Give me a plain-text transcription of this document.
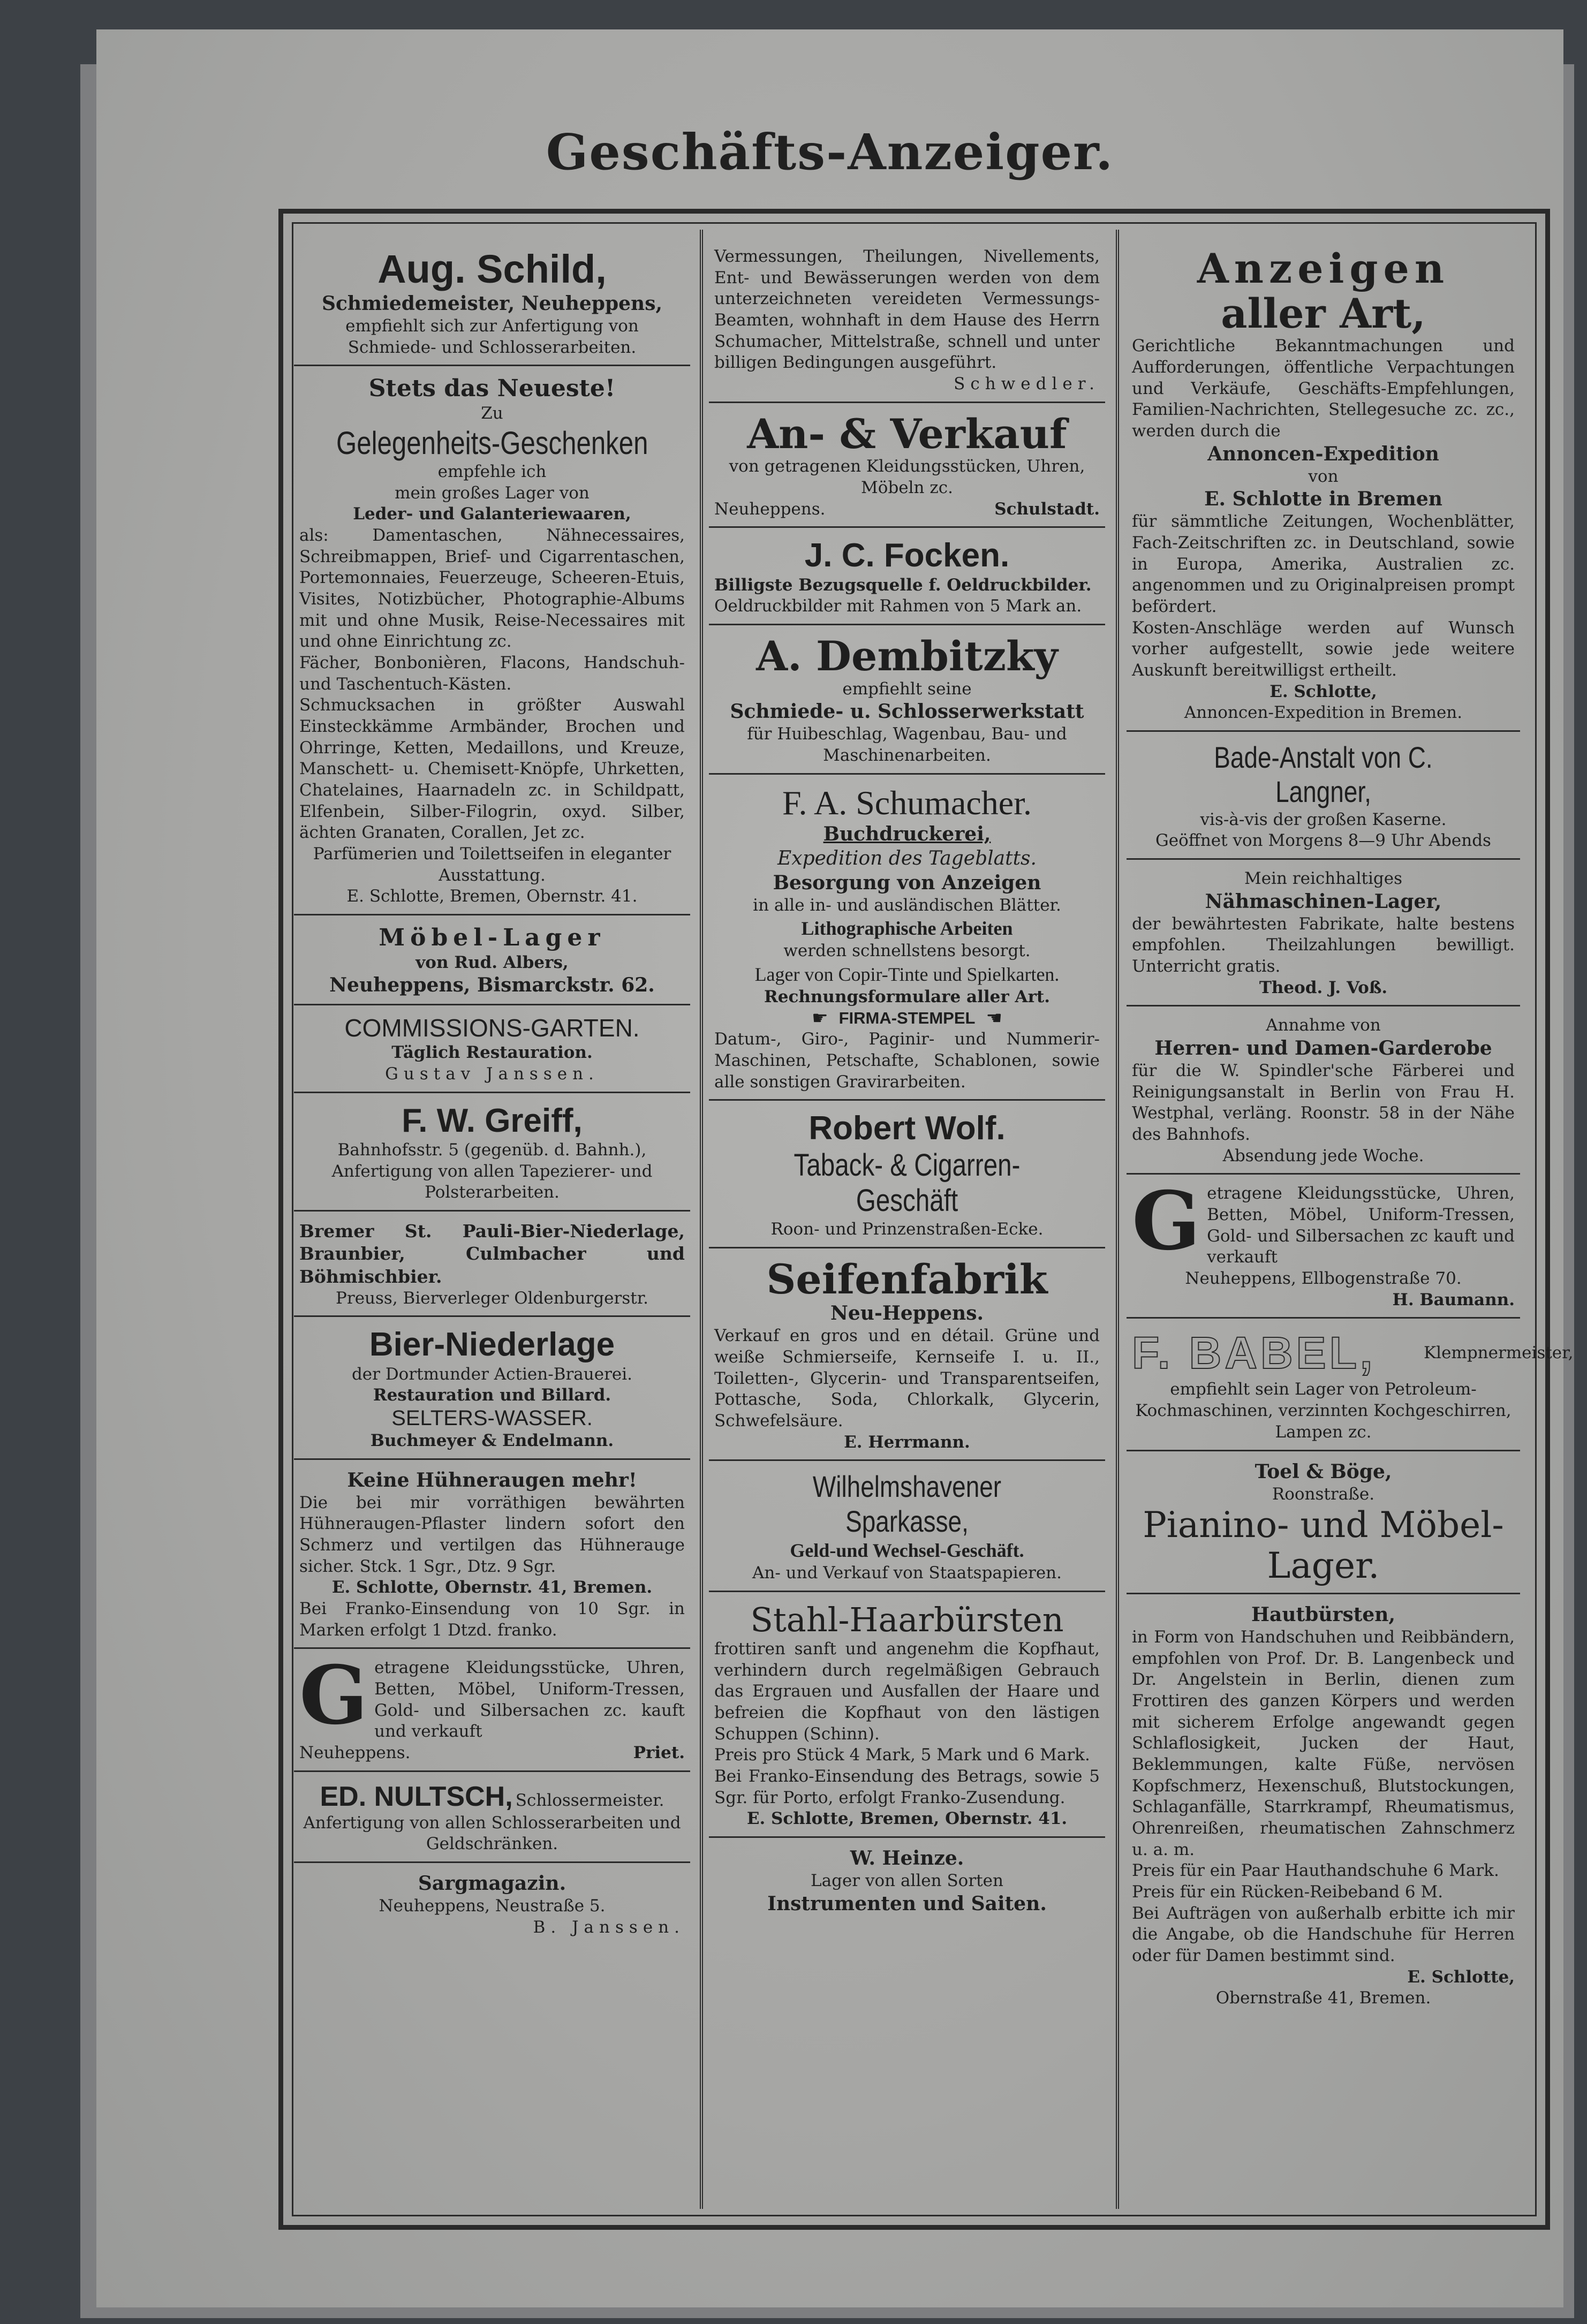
Geschäfts-Anzeiger.
Aug. Schild,
Schmiedemeister, Neuheppens,
empfiehlt sich zur Anfertigung von Schmiede- und Schlosserarbeiten.
Stets das Neueste!
Zu
Gelegenheits-Geschenken
empfehle ich
mein großes Lager von
Leder- und Galanteriewaaren,
als: Damentaschen, Nähnecessaires, Schreibmappen, Brief- und Cigarrentaschen, Portemonnaies, Feuerzeuge, Scheeren-Etuis, Visites, Notizbücher, Photographie-Albums mit und ohne Musik, Reise-Necessaires mit und ohne Einrichtung zc.
Fächer, Bonbonièren, Flacons, Handschuh- und Taschentuch-Kästen.
Schmucksachen in größter Auswahl Einsteckkämme Armbänder, Brochen und Ohrringe, Ketten, Medaillons, und Kreuze, Manschett- u. Chemisett-Knöpfe, Uhrketten, Chatelaines, Haarnadeln zc. in Schildpatt, Elfenbein, Silber-Filogrin, oxyd. Silber, ächten Granaten, Corallen, Jet zc.
Parfümerien und Toilettseifen in eleganter Ausstattung.
E. Schlotte, Bremen, Obernstr. 41.
Möbel-Lager
von Rud. Albers,
Neuheppens, Bismarckstr. 62.
COMMISSIONS-GARTEN.
Täglich Restauration.
Gustav Janssen.
F. W. Greiff,
Bahnhofsstr. 5 (gegenüb. d. Bahnh.), Anfertigung von allen Tapezierer- und Polsterarbeiten.
Bremer St. Pauli-Bier-Niederlage, Braunbier, Culmbacher und Böhmischbier.
Preuss, Bierverleger Oldenburgerstr.
Bier-Niederlage
der Dortmunder Actien-Brauerei.
Restauration und Billard.
SELTERS-WASSER.
Buchmeyer & Endelmann.
Keine Hühneraugen mehr!
Die bei mir vorräthigen bewährten Hühneraugen-Pflaster lindern sofort den Schmerz und vertilgen das Hühnerauge sicher. Stck. 1 Sgr., Dtz. 9 Sgr.
E. Schlotte, Obernstr. 41, Bremen.
Bei Franko-Einsendung von 10 Sgr. in Marken erfolgt 1 Dtzd. franko.
G etragene Kleidungsstücke, Uhren, Betten, Möbel, Uniform-Tressen, Gold- und Silbersachen zc. kauft und verkauft
Neuheppens.	Priet.
ED. NULTSCH, Schlossermeister.
Anfertigung von allen Schlosserarbeiten und Geldschränken.
Sargmagazin.
Neuheppens, Neustraße 5.
B. Janssen.
Vermessungen, Theilungen, Nivellements, Ent- und Bewässerungen werden von dem unterzeichneten vereideten Vermessungs-Beamten, wohnhaft in dem Hause des Herrn Schumacher, Mittelstraße, schnell und unter billigen Bedingungen ausgeführt.
Schwedler.
An- & Verkauf
von getragenen Kleidungsstücken, Uhren, Möbeln zc.
Neuheppens.	Schulstadt.
J. C. Focken.
Billigste Bezugsquelle f. Oeldruckbilder.
Oeldruckbilder mit Rahmen von 5 Mark an.
A. Dembitzky
empfiehlt seine
Schmiede- u. Schlosserwerkstatt
für Huibeschlag, Wagenbau, Bau- und Maschinenarbeiten.
F. A. Schumacher.
Buchdruckerei,
Expedition des Tageblatts.
Besorgung von Anzeigen
in alle in- und ausländischen Blätter.
Lithographische Arbeiten
werden schnellstens besorgt.
Lager von Copir-Tinte und Spielkarten.
Rechnungsformulare aller Art.
☛ FIRMA-STEMPEL ☚
Datum-, Giro-, Paginir- und Nummerir-Maschinen, Petschafte, Schablonen, sowie alle sonstigen Gravirarbeiten.
Robert Wolf.
Taback- & Cigarren-Geschäft
Roon- und Prinzenstraßen-Ecke.
Seifenfabrik
Neu-Heppens.
Verkauf en gros und en détail. Grüne und weiße Schmierseife, Kernseife I. u. II., Toiletten-, Glycerin- und Transparentseifen, Pottasche, Soda, Chlorkalk, Glycerin, Schwefelsäure.
E. Herrmann.
Wilhelmshavener Sparkasse,
Geld-und Wechsel-Geschäft.
An- und Verkauf von Staatspapieren.
Stahl-Haarbürsten
frottiren sanft und angenehm die Kopfhaut, verhindern durch regelmäßigen Gebrauch das Ergrauen und Ausfallen der Haare und befreien die Kopfhaut von den lästigen Schuppen (Schinn).
Preis pro Stück 4 Mark, 5 Mark und 6 Mark.
Bei Franko-Einsendung des Betrags, sowie 5 Sgr. für Porto, erfolgt Franko-Zusendung.
E. Schlotte, Bremen, Obernstr. 41.
W. Heinze.
Lager von allen Sorten
Instrumenten und Saiten.
Anzeigen
aller Art,
Gerichtliche Bekanntmachungen und Aufforderungen, öffentliche Verpachtungen und Verkäufe, Geschäfts-Empfehlungen, Familien-Nachrichten, Stellegesuche zc. zc., werden durch die
Annoncen-Expedition
von
E. Schlotte in Bremen
für sämmtliche Zeitungen, Wochenblätter, Fach-Zeitschriften zc. in Deutschland, sowie in Europa, Amerika, Australien zc. angenommen und zu Originalpreisen prompt befördert.
Kosten-Anschläge werden auf Wunsch vorher aufgestellt, sowie jede weitere Auskunft bereitwilligst ertheilt.
E. Schlotte,
Annoncen-Expedition in Bremen.
Bade-Anstalt von C. Langner,
vis-à-vis der großen Kaserne.
Geöffnet von Morgens 8—9 Uhr Abends
Mein reichhaltiges
Nähmaschinen-Lager,
der bewährtesten Fabrikate, halte bestens empfohlen. Theilzahlungen bewilligt. Unterricht gratis.
Theod. J. Voß.
Annahme von
Herren- und Damen-Garderobe
für die W. Spindler'sche Färberei und Reinigungsanstalt in Berlin von Frau H. Westphal, verläng. Roonstr. 58 in der Nähe des Bahnhofs.
Absendung jede Woche.
G etragene Kleidungsstücke, Uhren, Betten, Möbel, Uniform-Tressen, Gold- und Silbersachen zc kauft und verkauft
Neuheppens, Ellbogenstraße 70.
H. Baumann.
F. BABEL,	Klempnermeister,
empfiehlt sein Lager von Petroleum-Kochmaschinen, verzinnten Kochgeschirren, Lampen zc.
Toel & Böge,
Roonstraße.
Pianino- und Möbel-Lager.
Hautbürsten,
in Form von Handschuhen und Reibbändern, empfohlen von Prof. Dr. B. Langenbeck und Dr. Angelstein in Berlin, dienen zum Frottiren des ganzen Körpers und werden mit sicherem Erfolge angewandt gegen Schlaflosigkeit, Jucken der Haut, Beklemmungen, kalte Füße, nervösen Kopfschmerz, Hexenschuß, Blutstockungen, Schlaganfälle, Starrkrampf, Rheumatismus, Ohrenreißen, rheumatischen Zahnschmerz u. a. m.
Preis für ein Paar Hauthandschuhe 6 Mark.
Preis für ein Rücken-Reibeband 6 M.
Bei Aufträgen von außerhalb erbitte ich mir die Angabe, ob die Handschuhe für Herren oder für Damen bestimmt sind.
E. Schlotte,
Obernstraße 41, Bremen.
